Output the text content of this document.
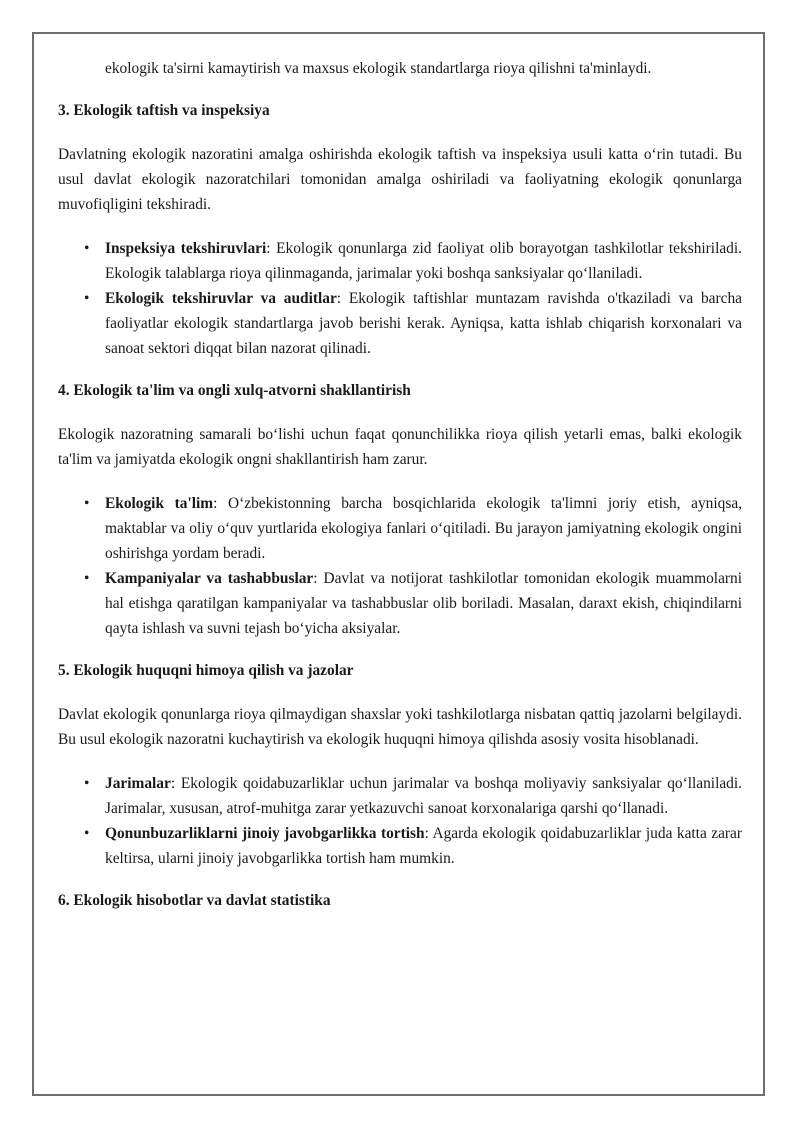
ekologik ta'sirni kamaytirish va maxsus ekologik standartlarga rioya qilishni ta'minlaydi.

3. Ekologik taftish va inspeksiya

Davlatning ekologik nazoratini amalga oshirishda ekologik taftish va inspeksiya usuli katta o‘rin tutadi. Bu usul davlat ekologik nazoratchilari tomonidan amalga oshiriladi va faoliyatning ekologik qonunlarga muvofiqligini tekshiradi.

• Inspeksiya tekshiruvlari: Ekologik qonunlarga zid faoliyat olib borayotgan tashkilotlar tekshiriladi. Ekologik talablarga rioya qilinmaganda, jarimalar yoki boshqa sanksiyalar qo‘llaniladi.
• Ekologik tekshiruvlar va auditlar: Ekologik taftishlar muntazam ravishda o'tkaziladi va barcha faoliyatlar ekologik standartlarga javob berishi kerak. Ayniqsa, katta ishlab chiqarish korxonalari va sanoat sektori diqqat bilan nazorat qilinadi.
4. Ekologik ta'lim va ongli xulq-atvorni shakllantirish

Ekologik nazoratning samarali bo‘lishi uchun faqat qonunchilikka rioya qilish yetarli emas, balki ekologik ta'lim va jamiyatda ekologik ongni shakllantirish ham zarur.

• Ekologik ta'lim: O‘zbekistonning barcha bosqichlarida ekologik ta'limni joriy etish, ayniqsa, maktablar va oliy o‘quv yurtlarida ekologiya fanlari o‘qitiladi. Bu jarayon jamiyatning ekologik ongini oshirishga yordam beradi.
• Kampaniyalar va tashabbuslar: Davlat va notijorat tashkilotlar tomonidan ekologik muammolarni hal etishga qaratilgan kampaniyalar va tashabbuslar olib boriladi. Masalan, daraxt ekish, chiqindilarni qayta ishlash va suvni tejash bo‘yicha aksiyalar.
5. Ekologik huquqni himoya qilish va jazolar

Davlat ekologik qonunlarga rioya qilmaydigan shaxslar yoki tashkilotlarga nisbatan qattiq jazolarni belgilaydi. Bu usul ekologik nazoratni kuchaytirish va ekologik huquqni himoya qilishda asosiy vosita hisoblanadi.

• Jarimalar: Ekologik qoidabuzarliklar uchun jarimalar va boshqa moliyaviy sanksiyalar qo‘llaniladi. Jarimalar, xususan, atrof-muhitga zarar yetkazuvchi sanoat korxonalariga qarshi qo‘llanadi.
• Qonunbuzarliklarni jinoiy javobgarlikka tortish: Agarda ekologik qoidabuzarliklar juda katta zarar keltirsa, ularni jinoiy javobgarlikka tortish ham mumkin.
6. Ekologik hisobotlar va davlat statistika
